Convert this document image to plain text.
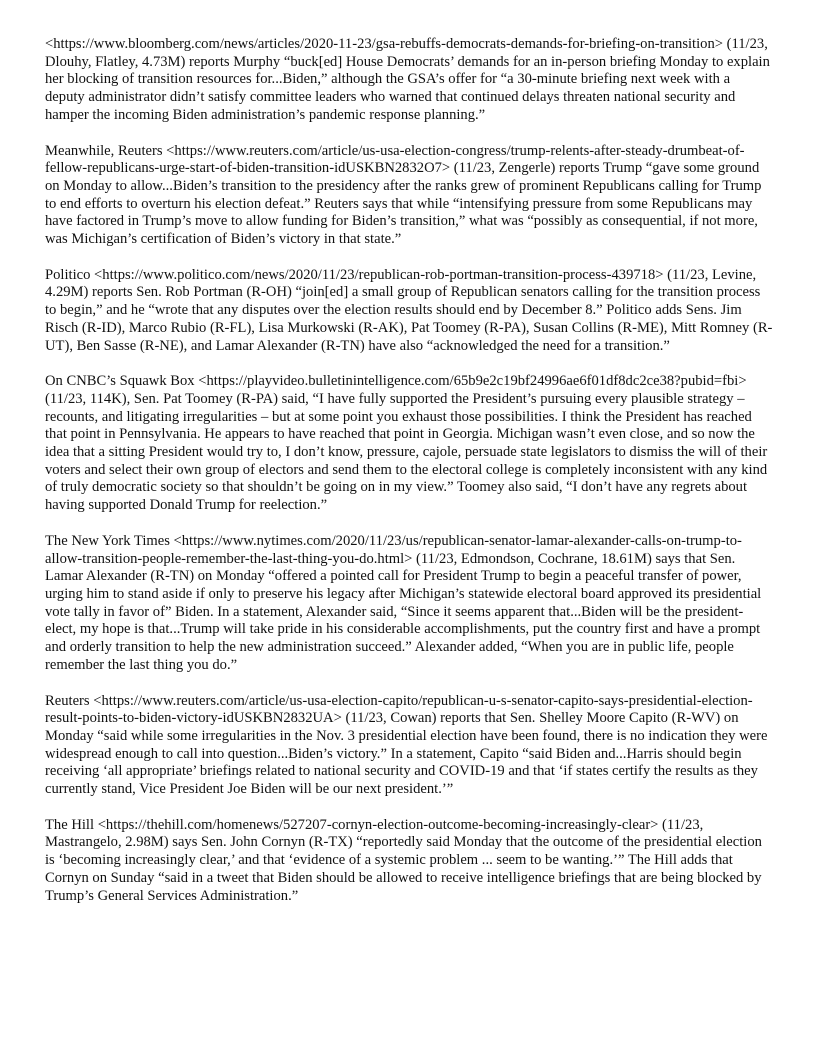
<https://www.bloomberg.com/news/articles/2020-11-23/gsa-rebuffs-democrats-demands-for-briefing-on-transition> (11/23, Dlouhy, Flatley, 4.73M) reports Murphy “buck[ed] House Democrats’ demands for an in-person briefing Monday to explain her blocking of transition resources for...Biden,” although the GSA’s offer for “a 30-minute briefing next week with a deputy administrator didn’t satisfy committee leaders who warned that continued delays threaten national security and hamper the incoming Biden administration’s pandemic response planning.”

Meanwhile, Reuters <https://www.reuters.com/article/us-usa-election-congress/trump-relents-after-steady-drumbeat-of-fellow-republicans-urge-start-of-biden-transition-idUSKBN2832O7> (11/23, Zengerle) reports Trump “gave some ground on Monday to allow...Biden’s transition to the presidency after the ranks grew of prominent Republicans calling for Trump to end efforts to overturn his election defeat.” Reuters says that while “intensifying pressure from some Republicans may have factored in Trump’s move to allow funding for Biden’s transition,” what was “possibly as consequential, if not more, was Michigan’s certification of Biden’s victory in that state.”

Politico <https://www.politico.com/news/2020/11/23/republican-rob-portman-transition-process-439718> (11/23, Levine, 4.29M) reports Sen. Rob Portman (R-OH) “join[ed] a small group of Republican senators calling for the transition process to begin,” and he “wrote that any disputes over the election results should end by December 8.” Politico adds Sens. Jim Risch (R-ID), Marco Rubio (R-FL), Lisa Murkowski (R-AK), Pat Toomey (R-PA), Susan Collins (R-ME), Mitt Romney (R-UT), Ben Sasse (R-NE), and Lamar Alexander (R-TN) have also “acknowledged the need for a transition.”

On CNBC’s Squawk Box <https://playvideo.bulletinintelligence.com/65b9e2c19bf24996ae6f01df8dc2ce38?pubid=fbi> (11/23, 114K), Sen. Pat Toomey (R-PA) said, “I have fully supported the President’s pursuing every plausible strategy – recounts, and litigating irregularities – but at some point you exhaust those possibilities. I think the President has reached that point in Pennsylvania. He appears to have reached that point in Georgia. Michigan wasn’t even close, and so now the idea that a sitting President would try to, I don’t know, pressure, cajole, persuade state legislators to dismiss the will of their voters and select their own group of electors and send them to the electoral college is completely inconsistent with any kind of truly democratic society so that shouldn’t be going on in my view.” Toomey also said, “I don’t have any regrets about having supported Donald Trump for reelection.”

The New York Times <https://www.nytimes.com/2020/11/23/us/republican-senator-lamar-alexander-calls-on-trump-to-allow-transition-people-remember-the-last-thing-you-do.html> (11/23, Edmondson, Cochrane, 18.61M) says that Sen. Lamar Alexander (R-TN) on Monday “offered a pointed call for President Trump to begin a peaceful transfer of power, urging him to stand aside if only to preserve his legacy after Michigan’s statewide electoral board approved its presidential vote tally in favor of” Biden. In a statement, Alexander said, “Since it seems apparent that...Biden will be the president-elect, my hope is that...Trump will take pride in his considerable accomplishments, put the country first and have a prompt and orderly transition to help the new administration succeed.” Alexander added, “When you are in public life, people remember the last thing you do.”

Reuters <https://www.reuters.com/article/us-usa-election-capito/republican-u-s-senator-capito-says-presidential-election-result-points-to-biden-victory-idUSKBN2832UA> (11/23, Cowan) reports that Sen. Shelley Moore Capito (R-WV) on Monday “said while some irregularities in the Nov. 3 presidential election have been found, there is no indication they were widespread enough to call into question...Biden’s victory.” In a statement, Capito “said Biden and...Harris should begin receiving ‘all appropriate’ briefings related to national security and COVID-19 and that ‘if states certify the results as they currently stand, Vice President Joe Biden will be our next president.’”

The Hill <https://thehill.com/homenews/527207-cornyn-election-outcome-becoming-increasingly-clear> (11/23, Mastrangelo, 2.98M) says Sen. John Cornyn (R-TX) “reportedly said Monday that the outcome of the presidential election is ‘becoming increasingly clear,’ and that ‘evidence of a systemic problem ... seem to be wanting.’” The Hill adds that Cornyn on Sunday “said in a tweet that Biden should be allowed to receive intelligence briefings that are being blocked by Trump’s General Services Administration.”
